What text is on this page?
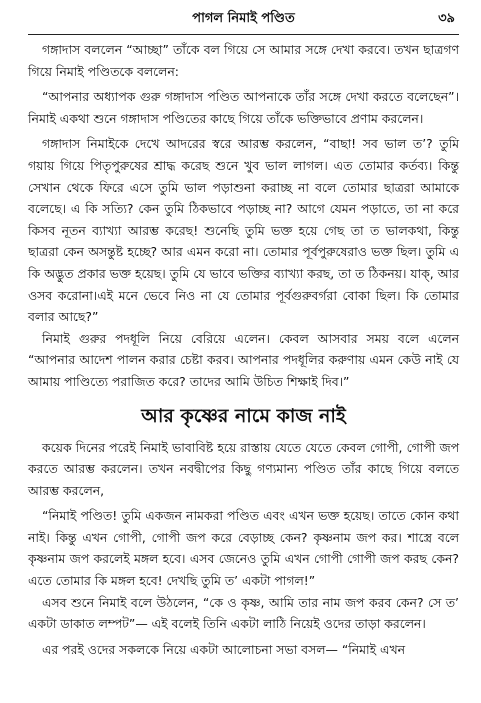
পাগল নিমাই পণ্ডিত	৩৯

গঙ্গাদাস বললেন “আচ্ছা” তাঁকে বল গিয়ে সে আমার সঙ্গে দেখা করবে। তখন ছাত্রগণ গিয়ে নিমাই পণ্ডিতকে বললেন:

“আপনার অধ্যাপক গুরু গঙ্গাদাস পণ্ডিত আপনাকে তাঁর সঙ্গে দেখা করতে বলেছেন”। নিমাই একথা শুনে গঙ্গাদাস পণ্ডিতের কাছে গিয়ে তাঁকে ভক্তিভাবে প্রণাম করলেন।

গঙ্গাদাস নিমাইকে দেখে আদরের স্বরে আরম্ভ করলেন, “বাছা! সব ভাল ত’? তুমি গয়ায় গিয়ে পিতৃপুরুষের শ্রাদ্ধ করেছ শুনে খুব ভাল লাগল। এত তোমার কর্তব্য। কিন্তু সেখান থেকে ফিরে এসে তুমি ভাল পড়াশুনা করাচ্ছ না বলে তোমার ছাত্ররা আমাকে বলেছে। এ কি সত্যি? কেন তুমি ঠিকভাবে পড়াচ্ছ না? আগে যেমন পড়াতে, তা না করে কিসব নূতন ব্যাখ্যা আরম্ভ করেছ! শুনেছি তুমি ভক্ত হয়ে গেছ তা ত ভালকথা, কিন্তু ছাত্ররা কেন অসন্তুষ্ট হচ্ছে? আর এমন করো না। তোমার পূর্বপুরুষেরাও ভক্ত ছিল। তুমি এ কি অদ্ভুত প্রকার ভক্ত হয়েছ। তুমি যে ভাবে ভক্তির ব্যাখ্যা করছ, তা ত ঠিকনয়। যাক্, আর ওসব করোনা।এই মনে ভেবে নিও না যে তোমার পূর্বগুরুবর্গরা বোকা ছিল। কি তোমার বলার আছে?”

নিমাই গুরুর পদধূলি নিয়ে বেরিয়ে এলেন। কেবল আসবার সময় বলে এলেন “আপনার আদেশ পালন করার চেষ্টা করব। আপনার পদধূলির করুণায় এমন কেউ নাই যে আমায় পাণ্ডিত্যে পরাজিত করে? তাদের আমি উচিত শিক্ষাই দিব।”

আর কৃষ্ণের নামে কাজ নাই

কয়েক দিনের পরেই নিমাই ভাবাবিষ্ট হয়ে রাস্তায় যেতে যেতে কেবল গোপী, গোপী জপ করতে আরম্ভ করলেন। তখন নবদ্বীপের কিছু গণ্যমান্য পণ্ডিত তাঁর কাছে গিয়ে বলতে আরম্ভ করলেন,

“নিমাই পণ্ডিত! তুমি একজন নামকরা পণ্ডিত এবং এখন ভক্ত হয়েছ। তাতে কোন কথা নাই। কিন্তু এখন গোপী, গোপী জপ করে বেড়াচ্ছ কেন? কৃষ্ণনাম জপ কর। শাস্ত্রে বলে কৃষ্ণনাম জপ করলেই মঙ্গল হবে। এসব জেনেও তুমি এখন গোপী গোপী জপ করছ কেন? এতে তোমার কি মঙ্গল হবে! দেখছি তুমি ত’ একটা পাগল!”

এসব শুনে নিমাই বলে উঠলেন, “কে ও কৃষ্ণ, আমি তার নাম জপ করব কেন? সে ত’ একটা ডাকাত লম্পট”— এই বলেই তিনি একটা লাঠি নিয়েই ওদের তাড়া করলেন।

এর পরই ওদের সকলকে নিয়ে একটা আলোচনা সভা বসল— “নিমাই এখন
